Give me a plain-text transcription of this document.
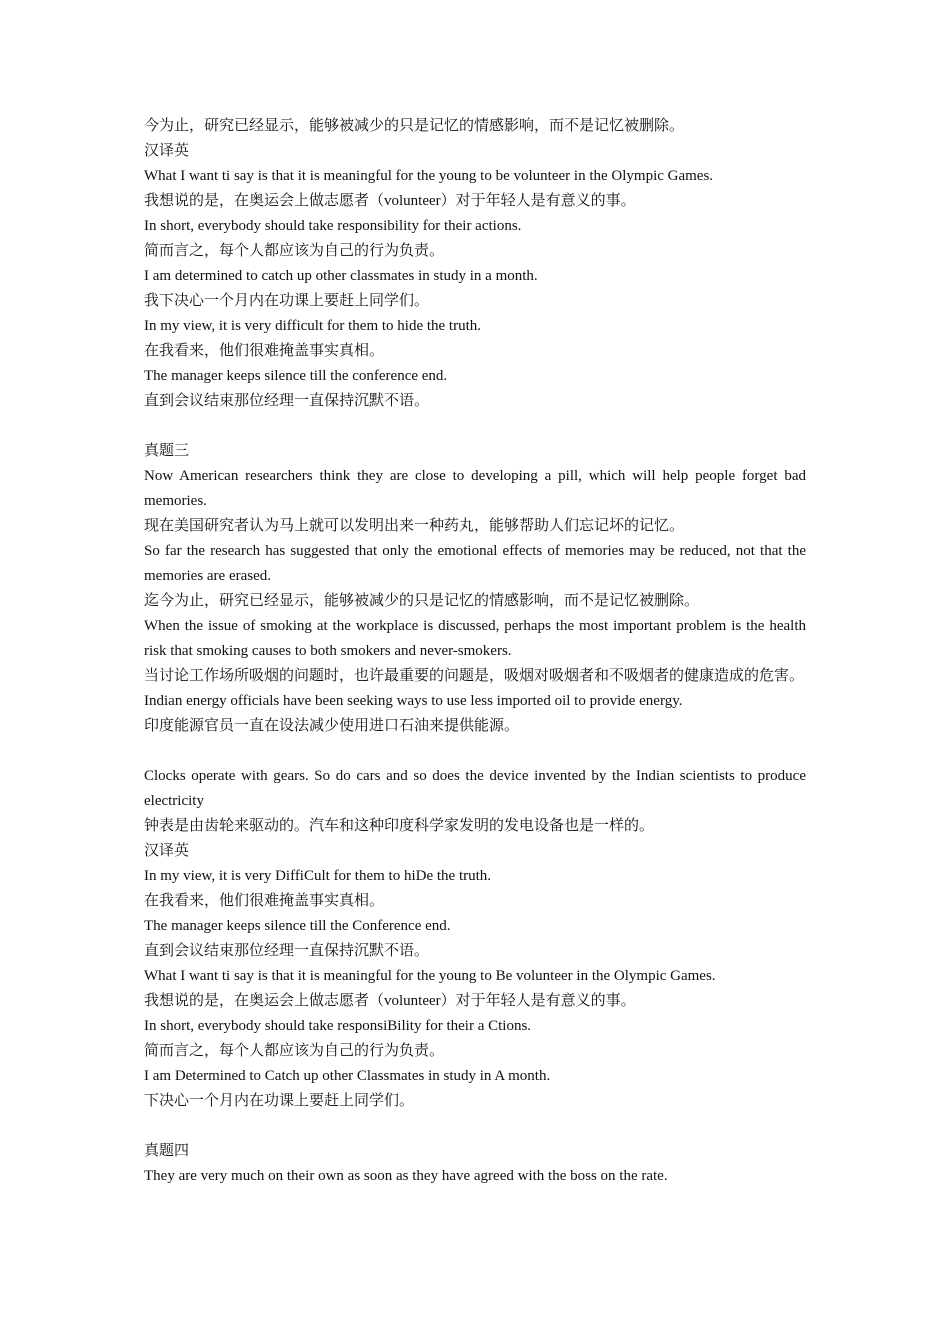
今为止，研究已经显示，能够被减少的只是记忆的情感影响，而不是记忆被删除。
汉译英
What I want ti say is that it is meaningful for the young to be volunteer in the Olympic Games.
我想说的是，在奥运会上做志愿者（volunteer）对于年轻人是有意义的事。
In short, everybody should take responsibility for their actions.
简而言之，每个人都应该为自己的行为负责。
I am determined to catch up other classmates in study in a month.
我下决心一个月内在功课上要赶上同学们。
In my view, it is very difficult for them to hide the truth.
在我看来，他们很难掩盖事实真相。
The manager keeps silence till the conference end.
直到会议结束那位经理一直保持沉默不语。
真题三
Now American researchers think they are close to developing a pill, which will help people forget bad memories.
现在美国研究者认为马上就可以发明出来一种药丸，能够帮助人们忘记坏的记忆。
So far the research has suggested that only the emotional effects of memories may be reduced, not that the memories are erased.
迄今为止，研究已经显示，能够被减少的只是记忆的情感影响，而不是记忆被删除。
When the issue of smoking at the workplace is discussed, perhaps the most important problem is the health risk that smoking causes to both smokers and never-smokers.
当讨论工作场所吸烟的问题时，也许最重要的问题是，吸烟对吸烟者和不吸烟者的健康造成的危害。
Indian energy officials have been seeking ways to use less imported oil to provide energy.
印度能源官员一直在设法减少使用进口石油来提供能源。
Clocks operate with gears. So do cars and so does the device invented by the Indian scientists to produce electricity
钟表是由齿轮来驱动的。汽车和这种印度科学家发明的发电设备也是一样的。
汉译英
In my view, it is very DiffiCult for them to hiDe the truth.
在我看来，他们很难掩盖事实真相。
The manager keeps silence till the Conference end.
直到会议结束那位经理一直保持沉默不语。
What I want ti say is that it is meaningful for the young to Be volunteer in the Olympic Games.
我想说的是，在奥运会上做志愿者（volunteer）对于年轻人是有意义的事。
In short, everybody should take responsiBility for their a Ctions.
简而言之，每个人都应该为自己的行为负责。
I am Determined to Catch up other Classmates in study in A month.
下决心一个月内在功课上要赶上同学们。
真题四
They are very much on their own as soon as they have agreed with the boss on the rate.
